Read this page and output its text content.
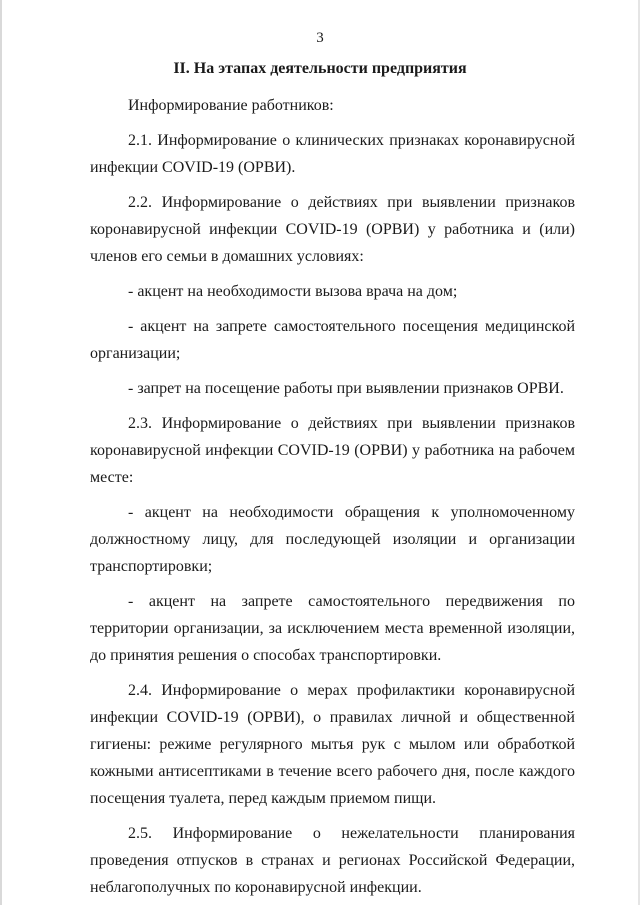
3
II. На этапах деятельности предприятия

Информирование работников:

2.1. Информирование о клинических признаках коронавирусной инфекции COVID-19 (ОРВИ).

2.2. Информирование о действиях при выявлении признаков коронавирусной инфекции COVID-19 (ОРВИ) у работника и (или) членов его семьи в домашних условиях:

- акцент на необходимости вызова врача на дом;

- акцент на запрете самостоятельного посещения медицинской организации;

- запрет на посещение работы при выявлении признаков ОРВИ.

2.3. Информирование о действиях при выявлении признаков коронавирусной инфекции COVID-19 (ОРВИ) у работника на рабочем месте:

- акцент на необходимости обращения к уполномоченному должностному лицу, для последующей изоляции и организации транспортировки;

- акцент на запрете самостоятельного передвижения по территории организации, за исключением места временной изоляции, до принятия решения о способах транспортировки.

2.4. Информирование о мерах профилактики коронавирусной инфекции COVID-19 (ОРВИ), о правилах личной и общественной гигиены: режиме регулярного мытья рук с мылом или обработкой кожными антисептиками в течение всего рабочего дня, после каждого посещения туалета, перед каждым приемом пищи.

2.5. Информирование о нежелательности планирования проведения отпусков в странах и регионах Российской Федерации, неблагополучных по коронавирусной инфекции.
